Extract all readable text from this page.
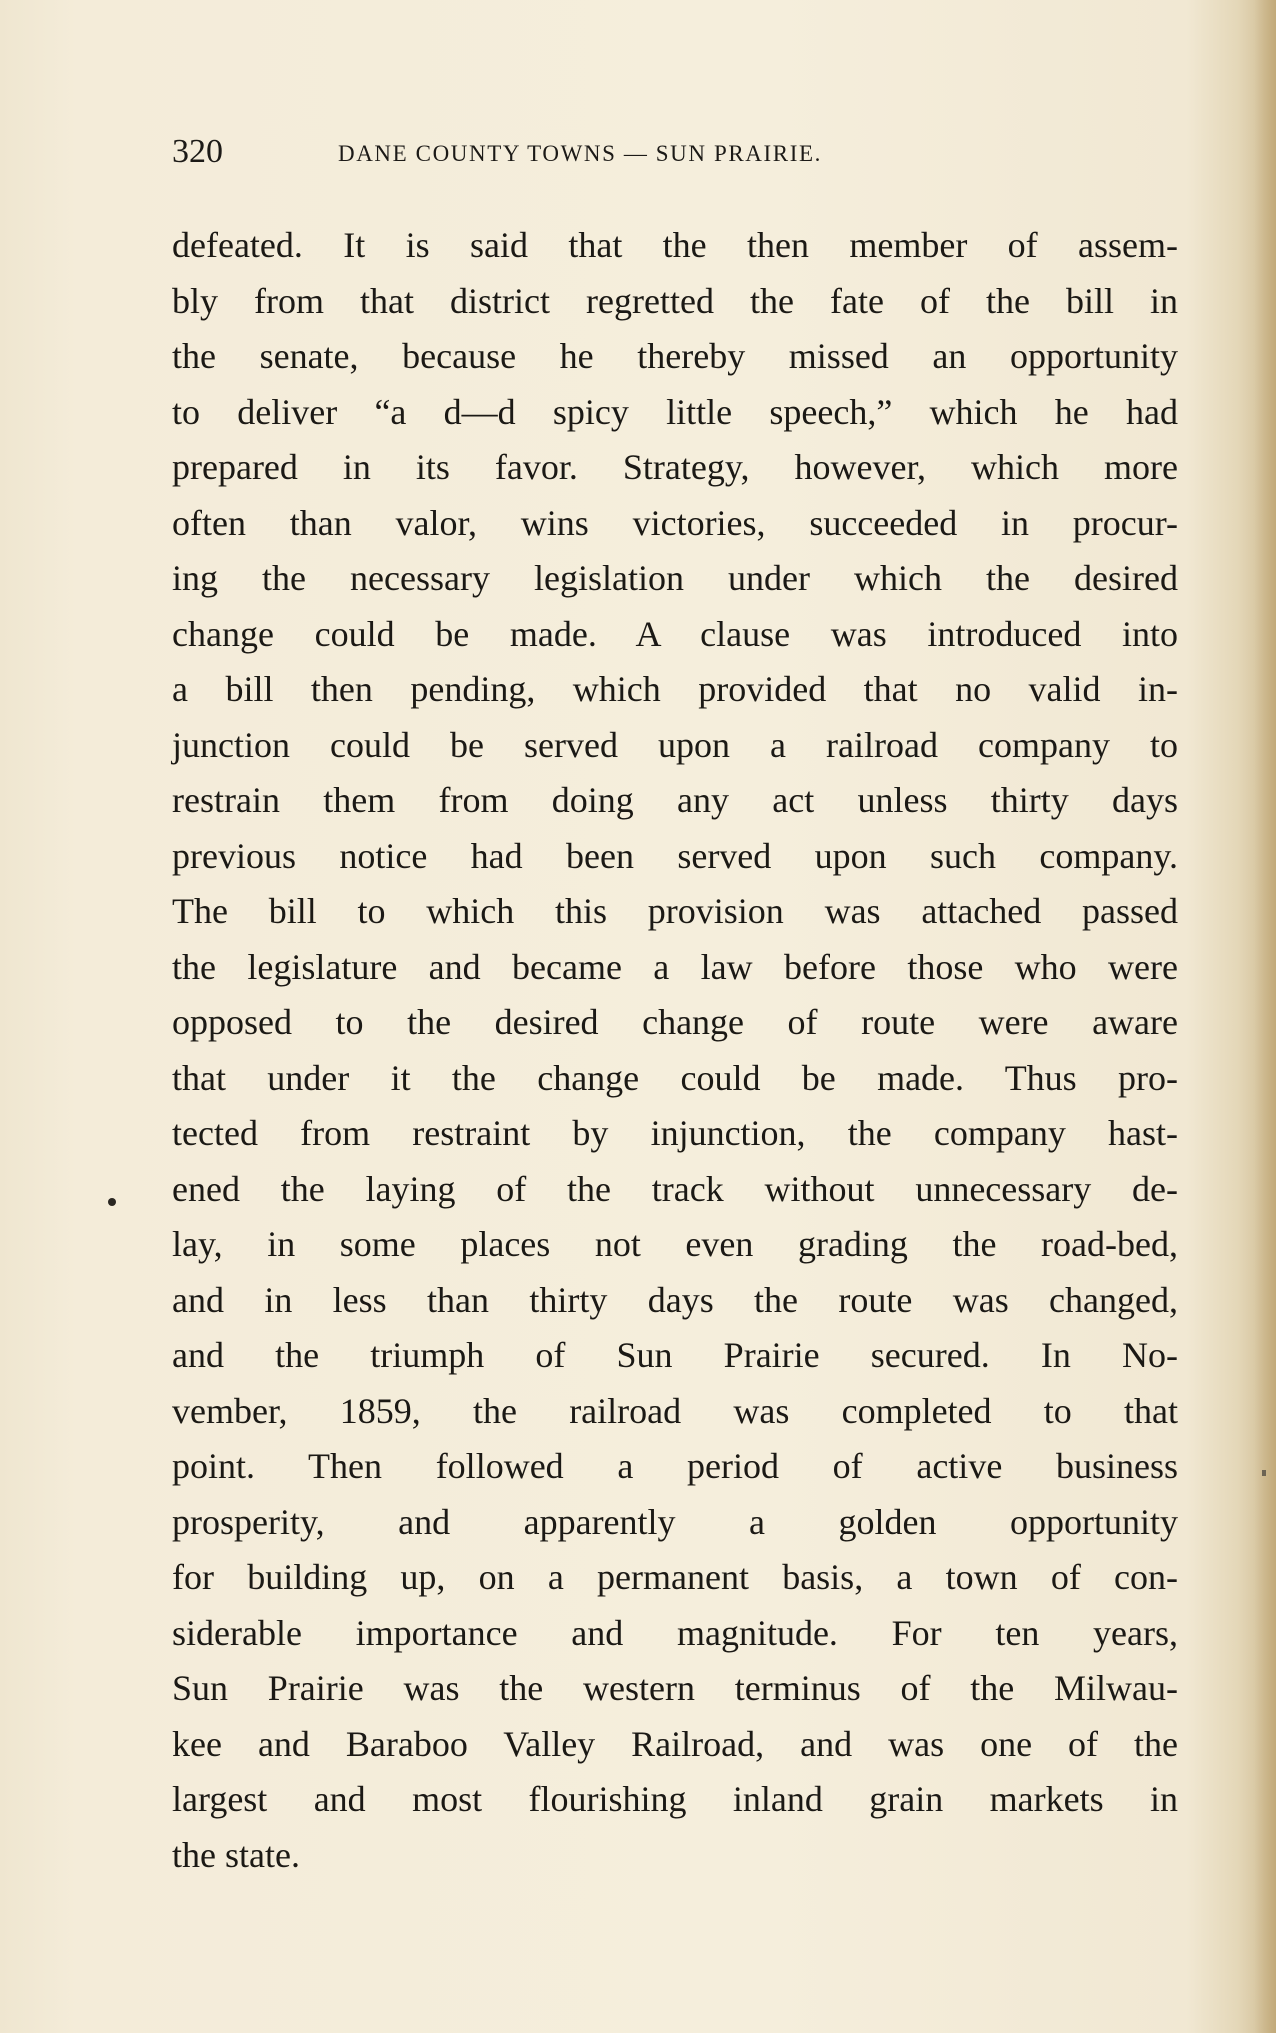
320	DANE COUNTY TOWNS — SUN PRAIRIE.
defeated. It is said that the then member of assem-
bly from that district regretted the fate of the bill in
the senate, because he thereby missed an opportunity
to deliver “a d—d spicy little speech,” which he had
prepared in its favor. Strategy, however, which more
often than valor, wins victories, succeeded in procur-
ing the necessary legislation under which the desired
change could be made. A clause was introduced into
a bill then pending, which provided that no valid in-
junction could be served upon a railroad company to
restrain them from doing any act unless thirty days
previous notice had been served upon such company.
The bill to which this provision was attached passed
the legislature and became a law before those who were
opposed to the desired change of route were aware
that under it the change could be made. Thus pro-
tected from restraint by injunction, the company hast-
ened the laying of the track without unnecessary de-
lay, in some places not even grading the road-bed,
and in less than thirty days the route was changed,
and the triumph of Sun Prairie secured. In No-
vember, 1859, the railroad was completed to that
point. Then followed a period of active business
prosperity, and apparently a golden opportunity
for building up, on a permanent basis, a town of con-
siderable importance and magnitude. For ten years,
Sun Prairie was the western terminus of the Milwau-
kee and Baraboo Valley Railroad, and was one of the
largest and most flourishing inland grain markets in
the state.
